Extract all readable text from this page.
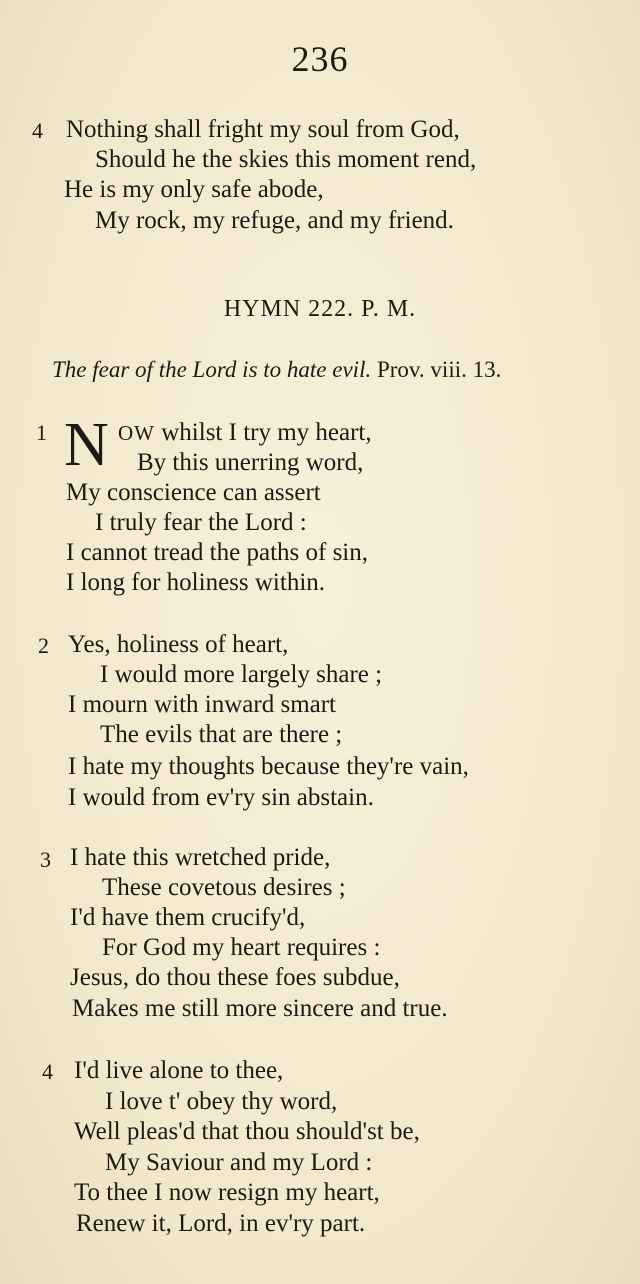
236
4 Nothing shall fright my soul from God,
Should he the skies this moment rend,
He is my only safe abode,
My rock, my refuge, and my friend.
HYMN 222. P. M.
The fear of the Lord is to hate evil. Prov. viii. 13.
1 N OW whilst I try my heart,
By this unerring word,
My conscience can assert
I truly fear the Lord :
I cannot tread the paths of sin,
I long for holiness within.
2 Yes, holiness of heart,
I would more largely share ;
I mourn with inward smart
The evils that are there ;
I hate my thoughts because they're vain,
I would from ev'ry sin abstain.
3 I hate this wretched pride,
These covetous desires ;
I'd have them crucify'd,
For God my heart requires :
Jesus, do thou these foes subdue,
Makes me still more sincere and true.
4 I'd live alone to thee,
I love t' obey thy word,
Well pleas'd that thou should'st be,
My Saviour and my Lord :
To thee I now resign my heart,
Renew it, Lord, in ev'ry part.
